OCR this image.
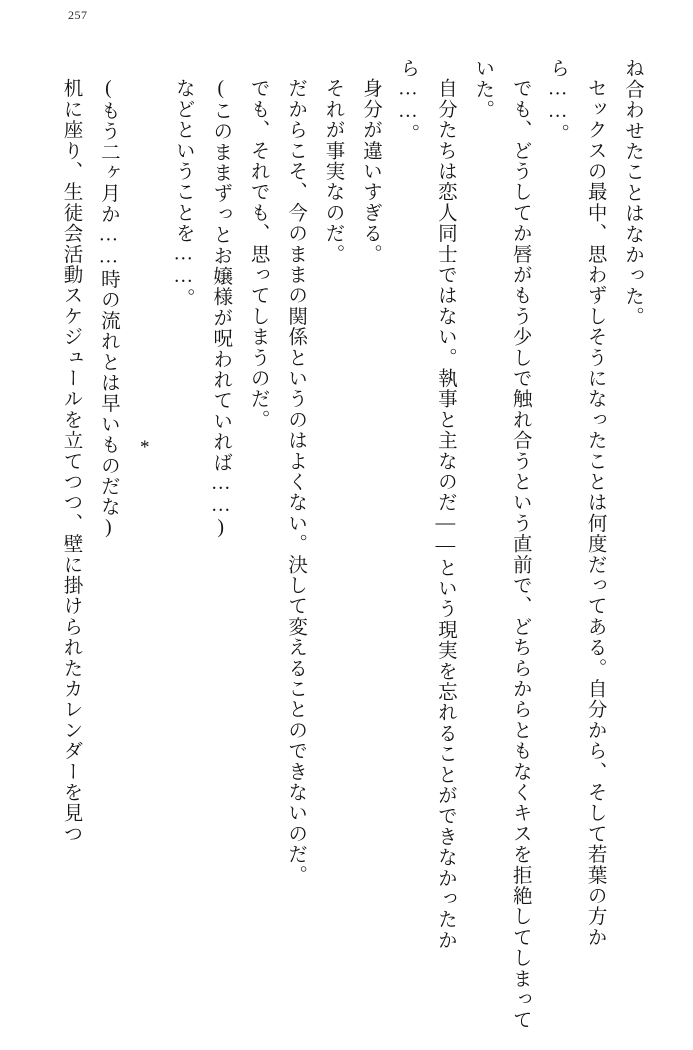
257

ね合わせたことはなかった。

セックスの最中、思わずしそうになったことは何度だってある。自分から、そして若葉の方から……。

でも、どうしてか唇がもう少しで触れ合うという直前で、どちらからともなくキスを拒絶してしまっていた。

自分たちは恋人同士ではない。執事と主なのだ——という現実を忘れることができなかったから……。

身分が違いすぎる。

それが事実なのだ。

だからこそ、今のままの関係というのはよくない。決して変えることのできないのだ。

でも、それでも、思ってしまうのだ。

(このままずっとお嬢様が呪われていれば……)

などということを……。

*

(もう二ヶ月か……時の流れとは早いものだな)

机に座り、生徒会活動スケジュールを立てつつ、壁に掛けられたカレンダーを見つ
